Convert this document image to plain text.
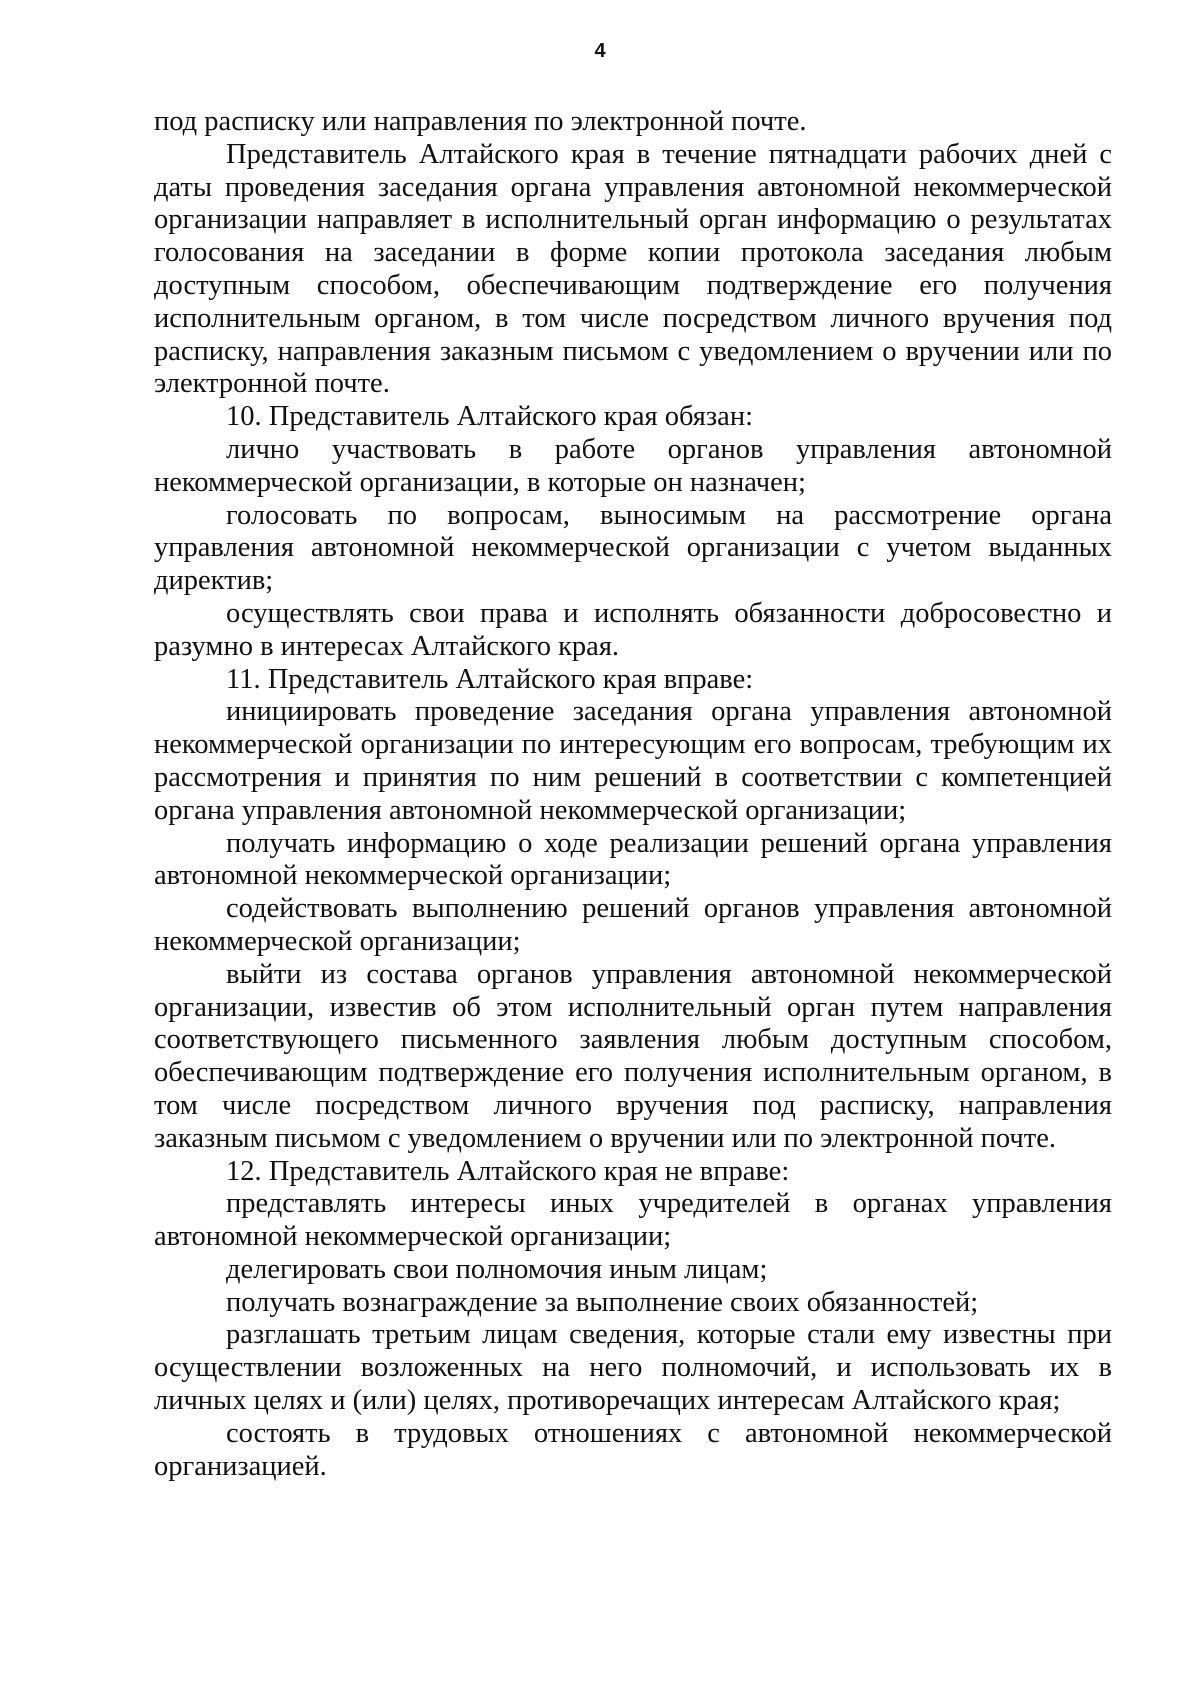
4

под расписку или направления по электронной почте.

Представитель Алтайского края в течение пятнадцати рабочих дней с даты проведения заседания органа управления автономной некоммерческой организации направляет в исполнительный орган информацию о результатах голосования на заседании в форме копии протокола заседания любым доступным способом, обеспечивающим подтверждение его получения исполнительным органом, в том числе посредством личного вручения под расписку, направления заказным письмом с уведомлением о вручении или по электронной почте.

10. Представитель Алтайского края обязан:

лично участвовать в работе органов управления автономной некоммерческой организации, в которые он назначен;

голосовать по вопросам, выносимым на рассмотрение органа управления автономной некоммерческой организации с учетом выданных директив;

осуществлять свои права и исполнять обязанности добросовестно и разумно в интересах Алтайского края.

11. Представитель Алтайского края вправе:

инициировать проведение заседания органа управления автономной некоммерческой организации по интересующим его вопросам, требующим их рассмотрения и принятия по ним решений в соответствии с компетенцией органа управления автономной некоммерческой организации;

получать информацию о ходе реализации решений органа управления автономной некоммерческой организации;

содействовать выполнению решений органов управления автономной некоммерческой организации;

выйти из состава органов управления автономной некоммерческой организации, известив об этом исполнительный орган путем направления соответствующего письменного заявления любым доступным способом, обеспечивающим подтверждение его получения исполнительным органом, в том числе посредством личного вручения под расписку, направления заказным письмом с уведомлением о вручении или по электронной почте.

12. Представитель Алтайского края не вправе:

представлять интересы иных учредителей в органах управления автономной некоммерческой организации;

делегировать свои полномочия иным лицам;

получать вознаграждение за выполнение своих обязанностей;

разглашать третьим лицам сведения, которые стали ему известны при осуществлении возложенных на него полномочий, и использовать их в личных целях и (или) целях, противоречащих интересам Алтайского края;

состоять в трудовых отношениях с автономной некоммерческой организацией.
